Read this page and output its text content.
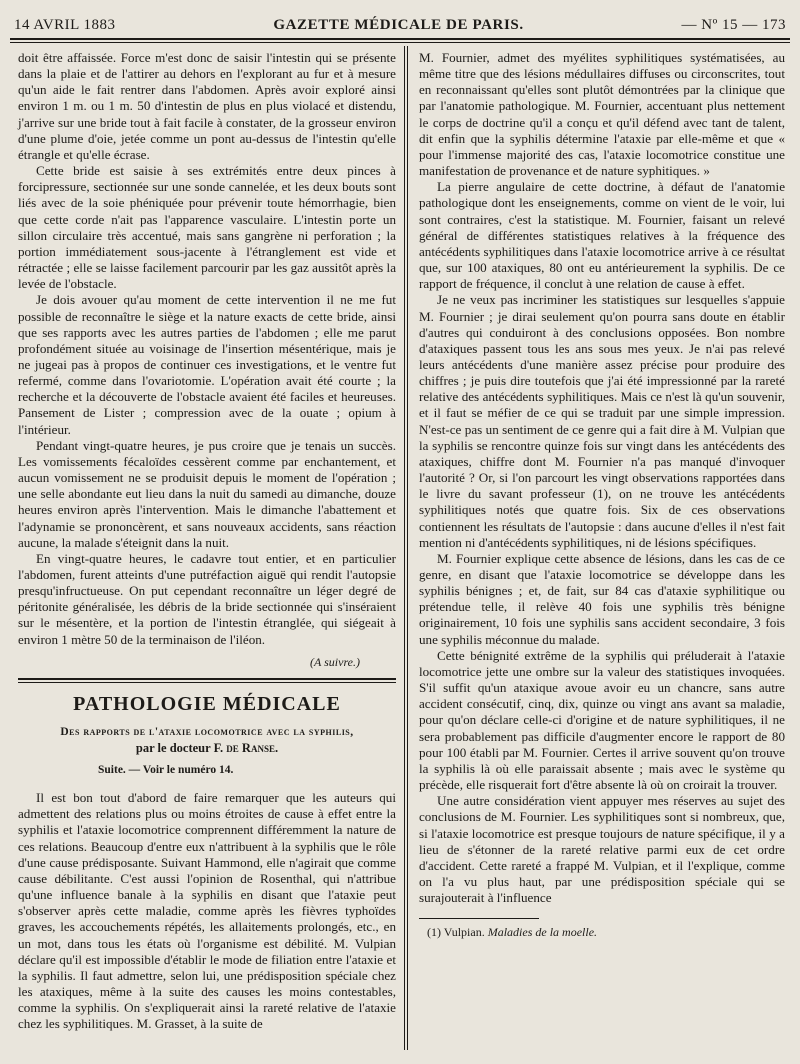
14 AVRIL 1883	GAZETTE MÉDICALE DE PARIS.	— Nº 15 — 173

doit être affaissée. Force m'est donc de saisir l'intestin qui se présente dans la plaie et de l'attirer au dehors en l'explorant au fur et à mesure qu'un aide le fait rentrer dans l'abdomen. Après avoir exploré ainsi environ 1 m. ou 1 m. 50 d'intestin de plus en plus violacé et distendu, j'arrive sur une bride tout à fait facile à constater, de la grosseur environ d'une plume d'oie, jetée comme un pont au-dessus de l'intestin qu'elle étrangle et qu'elle écrase.

Cette bride est saisie à ses extrémités entre deux pinces à forcipressure, sectionnée sur une sonde cannelée, et les deux bouts sont liés avec de la soie phéniquée pour prévenir toute hémorrhagie, bien que cette corde n'ait pas l'apparence vasculaire. L'intestin porte un sillon circulaire très accentué, mais sans gangrène ni perforation ; la portion immédiatement sous-jacente à l'étranglement est vide et rétractée ; elle se laisse facilement parcourir par les gaz aussitôt après la levée de l'obstacle.

Je dois avouer qu'au moment de cette intervention il ne me fut possible de reconnaître le siège et la nature exacts de cette bride, ainsi que ses rapports avec les autres parties de l'abdomen ; elle me parut profondément située au voisinage de l'insertion mésentérique, mais je ne jugeai pas à propos de continuer ces investigations, et le ventre fut refermé, comme dans l'ovariotomie. L'opération avait été courte ; la recherche et la découverte de l'obstacle avaient été faciles et heureuses. Pansement de Lister ; compression avec de la ouate ; opium à l'intérieur.

Pendant vingt-quatre heures, je pus croire que je tenais un succès. Les vomissements fécaloïdes cessèrent comme par enchantement, et aucun vomissement ne se produisit depuis le moment de l'opération ; une selle abondante eut lieu dans la nuit du samedi au dimanche, douze heures environ après l'intervention. Mais le dimanche l'abattement et l'adynamie se prononcèrent, et sans nouveaux accidents, sans réaction aucune, la malade s'éteignit dans la nuit.

En vingt-quatre heures, le cadavre tout entier, et en particulier l'abdomen, furent atteints d'une putréfaction aiguë qui rendit l'autopsie presqu'infructueuse. On put cependant reconnaître un léger degré de péritonite généralisée, les débris de la bride sectionnée qui s'inséraient sur le mésentère, et la portion de l'intestin étranglée, qui siégeait à environ 1 mètre 50 de la terminaison de l'iléon.

(A suivre.)
PATHOLOGIE MÉDICALE
Des rapports de l'ataxie locomotrice avec la syphilis,
par le docteur F. de Ranse.
Suite. — Voir le numéro 14.

Il est bon tout d'abord de faire remarquer que les auteurs qui admettent des relations plus ou moins étroites de cause à effet entre la syphilis et l'ataxie locomotrice comprennent différemment la nature de ces relations. Beaucoup d'entre eux n'attribuent à la syphilis que le rôle d'une cause prédisposante. Suivant Hammond, elle n'agirait que comme cause débilitante. C'est aussi l'opinion de Rosenthal, qui n'attribue qu'une influence banale à la syphilis en disant que l'ataxie peut s'observer après cette maladie, comme après les fièvres typhoïdes graves, les accouchements répétés, les allaitements prolongés, etc., en un mot, dans tous les états où l'organisme est débilité. M. Vulpian déclare qu'il est impossible d'établir le mode de filiation entre l'ataxie et la syphilis. Il faut admettre, selon lui, une prédisposition spéciale chez les ataxiques, même à la suite des causes les moins contestables, comme la syphilis. On s'expliquerait ainsi la rareté relative de l'ataxie chez les syphilitiques. M. Grasset, à la suite de

M. Fournier, admet des myélites syphilitiques systématisées, au même titre que des lésions médullaires diffuses ou circonscrites, tout en reconnaissant qu'elles sont plutôt démontrées par la clinique que par l'anatomie pathologique. M. Fournier, accentuant plus nettement le corps de doctrine qu'il a conçu et qu'il défend avec tant de talent, dit enfin que la syphilis détermine l'ataxie par elle-même et que « pour l'immense majorité des cas, l'ataxie locomotrice constitue une manifestation de provenance et de nature syphitiques. »

La pierre angulaire de cette doctrine, à défaut de l'anatomie pathologique dont les enseignements, comme on vient de le voir, lui sont contraires, c'est la statistique. M. Fournier, faisant un relevé général de différentes statistiques relatives à la fréquence des antécédents syphilitiques dans l'ataxie locomotrice arrive à ce résultat que, sur 100 ataxiques, 80 ont eu antérieurement la syphilis. De ce rapport de fréquence, il conclut à une relation de cause à effet.

Je ne veux pas incriminer les statistiques sur lesquelles s'appuie M. Fournier ; je dirai seulement qu'on pourra sans doute en établir d'autres qui conduiront à des conclusions opposées. Bon nombre d'ataxiques passent tous les ans sous mes yeux. Je n'ai pas relevé leurs antécédents d'une manière assez précise pour produire des chiffres ; je puis dire toutefois que j'ai été impressionné par la rareté relative des antécédents syphilitiques. Mais ce n'est là qu'un souvenir, et il faut se méfier de ce qui se traduit par une simple impression. N'est-ce pas un sentiment de ce genre qui a fait dire à M. Vulpian que la syphilis se rencontre quinze fois sur vingt dans les antécédents des ataxiques, chiffre dont M. Fournier n'a pas manqué d'invoquer l'autorité ? Or, si l'on parcourt les vingt observations rapportées dans le livre du savant professeur (1), on ne trouve les antécédents syphilitiques notés que quatre fois. Six de ces observations contiennent les résultats de l'autopsie : dans aucune d'elles il n'est fait mention ni d'antécédents syphilitiques, ni de lésions spécifiques.

M. Fournier explique cette absence de lésions, dans les cas de ce genre, en disant que l'ataxie locomotrice se développe dans les syphilis bénignes ; et, de fait, sur 84 cas d'ataxie syphilitique ou prétendue telle, il relève 40 fois une syphilis très bénigne originairement, 10 fois une syphilis sans accident secondaire, 3 fois une syphilis méconnue du malade.

Cette bénignité extrême de la syphilis qui préluderait à l'ataxie locomotrice jette une ombre sur la valeur des statistiques invoquées. S'il suffit qu'un ataxique avoue avoir eu un chancre, sans autre accident consécutif, cinq, dix, quinze ou vingt ans avant sa maladie, pour qu'on déclare celle-ci d'origine et de nature syphilitiques, il ne sera probablement pas difficile d'augmenter encore le rapport de 80 pour 100 établi par M. Fournier. Certes il arrive souvent qu'on trouve la syphilis là où elle paraissait absente ; mais avec le système qu précède, elle risquerait fort d'être absente là où on croirait la trouver.

Une autre considération vient appuyer mes réserves au sujet des conclusions de M. Fournier. Les syphilitiques sont si nombreux, que, si l'ataxie locomotrice est presque toujours de nature spécifique, il y a lieu de s'étonner de la rareté relative parmi eux de cet ordre d'accident. Cette rareté a frappé M. Vulpian, et il l'explique, comme on l'a vu plus haut, par une prédisposition spéciale qui se surajouterait à l'influence

(1) Vulpian. Maladies de la moelle.
